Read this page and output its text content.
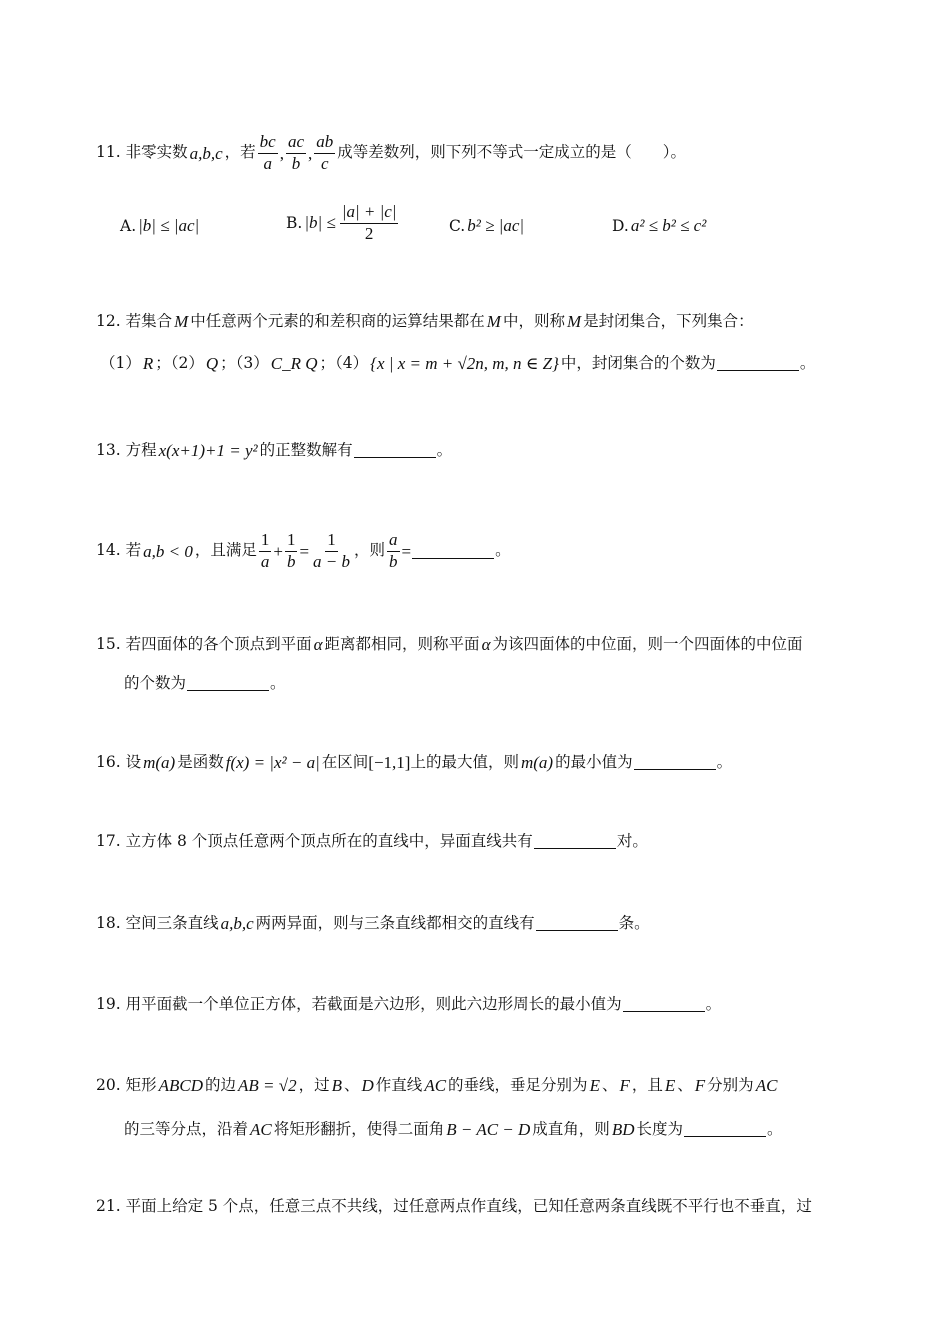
11.
非零实数 a,b,c ，若 $\frac{bc}{a}$ , $\frac{ac}{b}$ , $\frac{ab}{c}$ 成等差数列，则下列不等式一定成立的是（　　）。
A. |b| ≤ |ac|	B. $|b| \le \frac{|a| + |c|}{2}$	C. b² ≥ |ac|	D. a² ≤ b² ≤ c²
12.
若集合 M 中任意两个元素的和差积商的运算结果都在 M 中，则称 M 是封闭集合，下列集合：
（1） R ；（2） Q ；（3） C_R Q ；（4） {x | x = m + √2n, m, n ∈ Z} 中，封闭集合的个数为	。
13.
方程 x(x+1)+1 = y² 的正整数解有	。
14.
若 a,b < 0 ，且满足 $\frac{1}{a} + \frac{1}{b} = \frac{1}{a - b}$ ，则 $\frac{a}{b}$ =	。
15.
若四面体的各个顶点到平面 α 距离都相同，则称平面 α 为该四面体的中位面，则一个四面体的中位面
的个数为	。
16.
设 m(a) 是函数 f(x) = |x² − a| 在区间 [−1,1] 上的最大值，则 m(a) 的最小值为	。
17.
立方体 8 个顶点任意两个顶点所在的直线中，异面直线共有	对。
18.
空间三条直线 a,b,c 两两异面，则与三条直线都相交的直线有	条。
19.
用平面截一个单位正方体，若截面是六边形，则此六边形周长的最小值为	。
20.
矩形 ABCD 的边 AB = √2 ，过 B 、 D 作直线 AC 的垂线，垂足分别为 E 、 F ，且 E 、 F 分别为 AC
的三等分点，沿着 AC 将矩形翻折，使得二面角 B − AC − D 成直角，则 BD 长度为	。
21.
平面上给定 5 个点，任意三点不共线，过任意两点作直线，已知任意两条直线既不平行也不垂直，过
